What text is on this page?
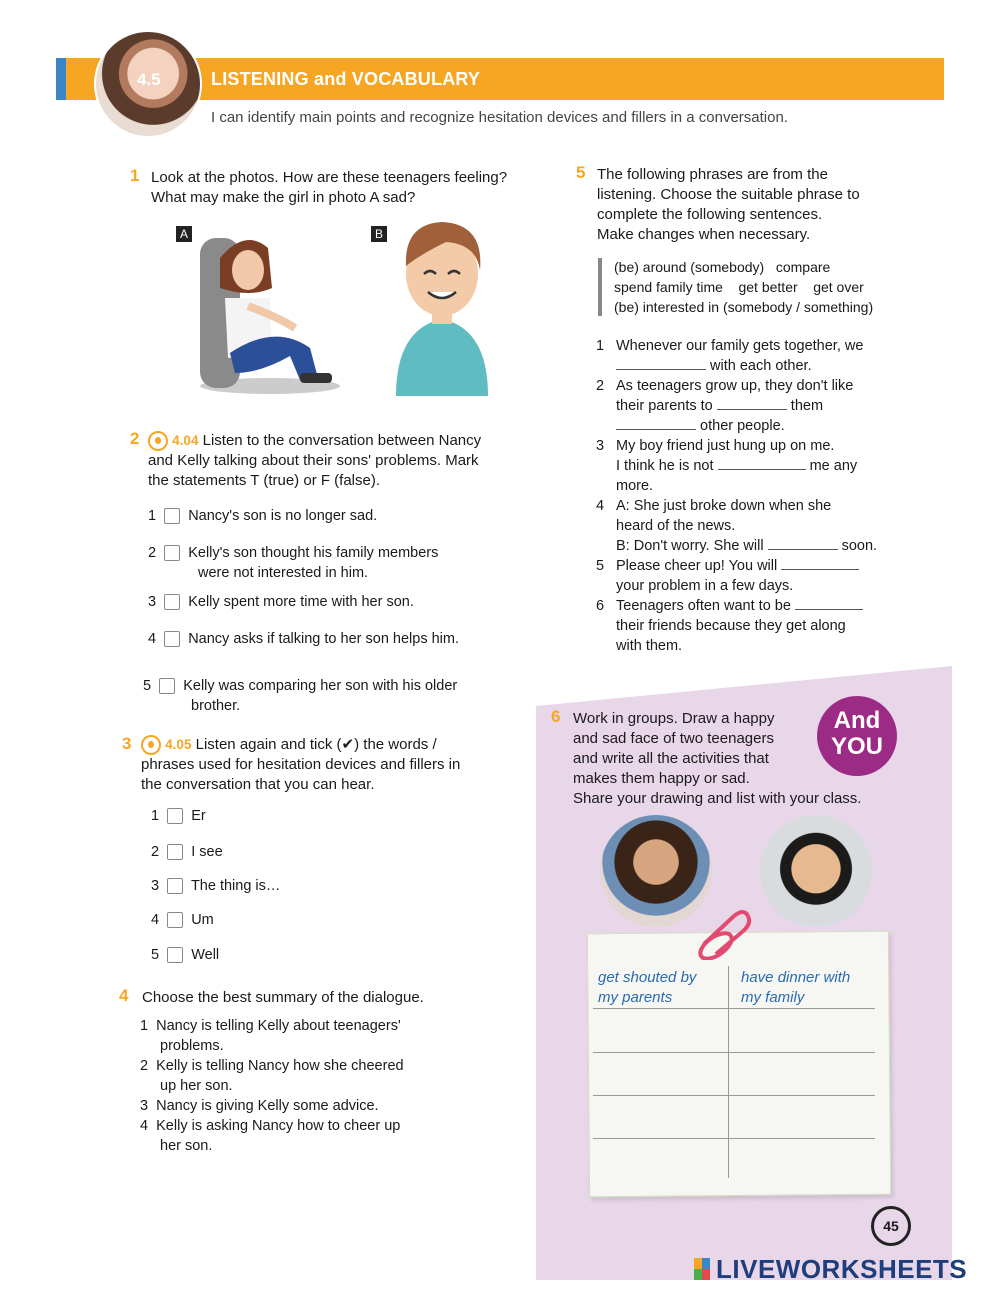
4.5	LISTENING and VOCABULARY
I can identify main points and recognize hesitation devices and fillers in a conversation.
1 Look at the photos. How are these teenagers feeling?
What may make the girl in photo A sad?
A	B
2	4.04 Listen to the conversation between Nancy
and Kelly talking about their sons' problems. Mark
the statements T (true) or F (false).
1 Nancy's son is no longer sad.
2 Kelly's son thought his family members
were not interested in him.
3 Kelly spent more time with her son.
4 Nancy asks if talking to her son helps him.
5 Kelly was comparing her son with his older
brother.
3	4.05 Listen again and tick (✔) the words /
phrases used for hesitation devices and fillers in
the conversation that you can hear.
1 Er
2 I see
3 The thing is…
4 Um
5 Well
4 Choose the best summary of the dialogue.
1 Nancy is telling Kelly about teenagers'
problems.
2 Kelly is telling Nancy how she cheered
up her son.
3 Nancy is giving Kelly some advice.
4 Kelly is asking Nancy how to cheer up
her son.
5 The following phrases are from the
listening. Choose the suitable phrase to
complete the following sentences.
Make changes when necessary.
(be) around (somebody)   compare
spend family time    get better    get over
(be) interested in (somebody / something)
1 Whenever our family gets together, we
with each other.
2 As teenagers grow up, they don't like
their parents to	them
other people.
3 My boy friend just hung up on me.
I think he is not	me any
more.
4 A: She just broke down when she
heard of the news.
B: Don't worry. She will	soon.
5 Please cheer up! You will
your problem in a few days.
6 Teenagers often want to be
their friends because they get along
with them.
6 Work in groups. Draw a happy
and sad face of two teenagers
and write all the activities that
makes them happy or sad.
Share your drawing and list with your class.
And
YOU
get shouted by
my parents
have dinner with
my family
45
LIVEWORKSHEETS
